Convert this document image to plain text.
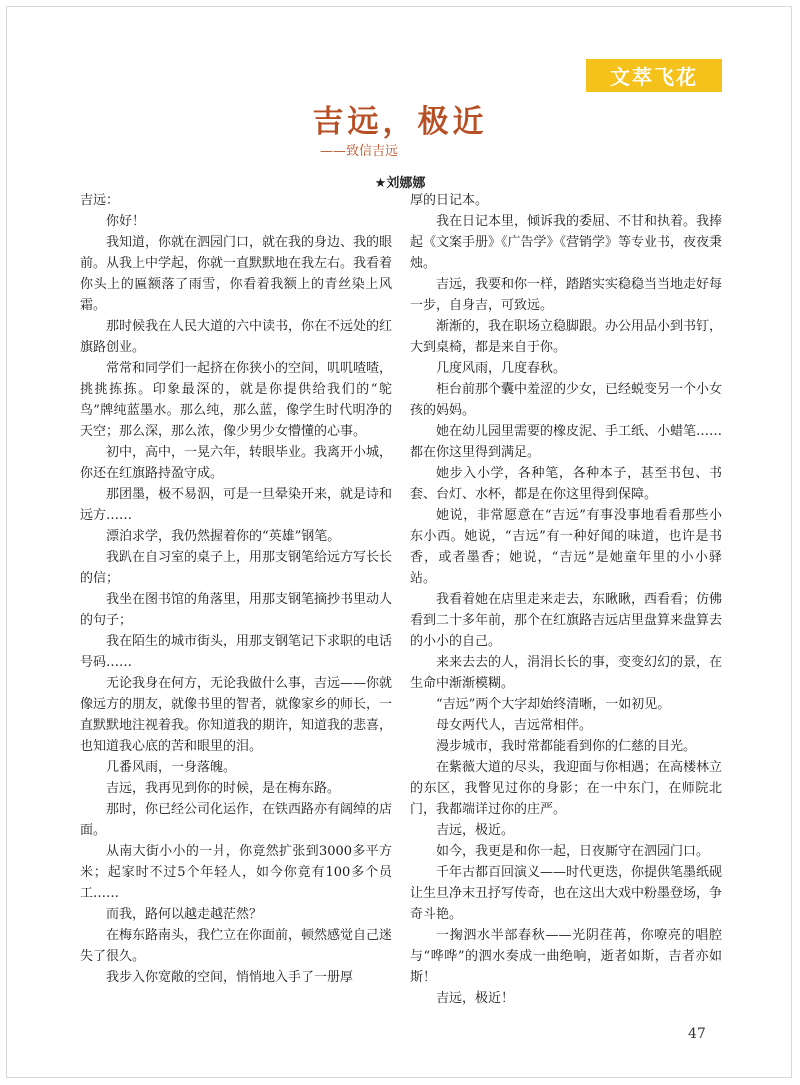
文萃飞花
吉远，极近
——致信吉远
★刘娜娜

吉远：

你好！

我知道，你就在泗园门口，就在我的身边、我的眼前。从我上中学起，你就一直默默地在我左右。我看着你头上的匾额落了雨雪，你看着我额上的青丝染上风霜。

那时候我在人民大道的六中读书，你在不远处的红旗路创业。

常常和同学们一起挤在你狭小的空间，叽叽喳喳，挑挑拣拣。印象最深的，就是你提供给我们的“鸵鸟”牌纯蓝墨水。那么纯，那么蓝，像学生时代明净的天空；那么深，那么浓，像少男少女懵懂的心事。

初中，高中，一晃六年，转眼毕业。我离开小城，你还在红旗路持盈守成。

那团墨，极不易泅，可是一旦晕染开来，就是诗和远方……

漂泊求学，我仍然握着你的“英雄”钢笔。

我趴在自习室的桌子上，用那支钢笔给远方写长长的信；

我坐在图书馆的角落里，用那支钢笔摘抄书里动人的句子；

我在陌生的城市街头，用那支钢笔记下求职的电话号码……

无论我身在何方，无论我做什么事，吉远——你就像远方的朋友，就像书里的智者，就像家乡的师长，一直默默地注视着我。你知道我的期许，知道我的悲喜，也知道我心底的苦和眼里的泪。

几番风雨，一身落魄。

吉远，我再见到你的时候，是在梅东路。

那时，你已经公司化运作，在铁西路亦有阔绰的店面。

从南大街小小的一爿，你竟然扩张到3000多平方米；起家时不过5个年轻人，如今你竟有100多个员工……

而我，路何以越走越茫然？

在梅东路南头，我伫立在你面前，顿然感觉自己迷失了很久。

我步入你宽敞的空间，悄悄地入手了一册厚

厚的日记本。

我在日记本里，倾诉我的委屈、不甘和执着。我捧起《文案手册》《广告学》《营销学》等专业书，夜夜秉烛。

吉远，我要和你一样，踏踏实实稳稳当当地走好每一步，自身吉，可致远。

渐渐的，我在职场立稳脚跟。办公用品小到书钉，大到桌椅，都是来自于你。

几度风雨，几度春秋。

柜台前那个囊中羞涩的少女，已经蜕变另一个小女孩的妈妈。

她在幼儿园里需要的橡皮泥、手工纸、小蜡笔……都在你这里得到满足。

她步入小学，各种笔，各种本子，甚至书包、书套、台灯、水杯，都是在你这里得到保障。

她说，非常愿意在“吉远”有事没事地看看那些小东小西。她说，“吉远”有一种好闻的味道，也许是书香，或者墨香；她说，“吉远”是她童年里的小小驿站。

我看着她在店里走来走去，东瞅瞅，西看看；仿佛看到二十多年前，那个在红旗路吉远店里盘算来盘算去的小小的自己。

来来去去的人，涓涓长长的事，变变幻幻的景，在生命中渐渐模糊。

“吉远”两个大字却始终清晰，一如初见。

母女两代人，吉远常相伴。

漫步城市，我时常都能看到你的仁慈的目光。

在紫薇大道的尽头，我迎面与你相遇；在高楼林立的东区，我瞥见过你的身影；在一中东门，在师院北门，我都端详过你的庄严。

吉远，极近。

如今，我更是和你一起，日夜厮守在泗园门口。

千年古都百回演义——时代更迭，你提供笔墨纸砚让生旦净末丑抒写传奇，也在这出大戏中粉墨登场，争奇斗艳。

一掬泗水半部春秋——光阴荏苒，你嘹亮的唱腔与“哗哗”的泗水奏成一曲绝响，逝者如斯，吉者亦如斯！

吉远，极近！

47
